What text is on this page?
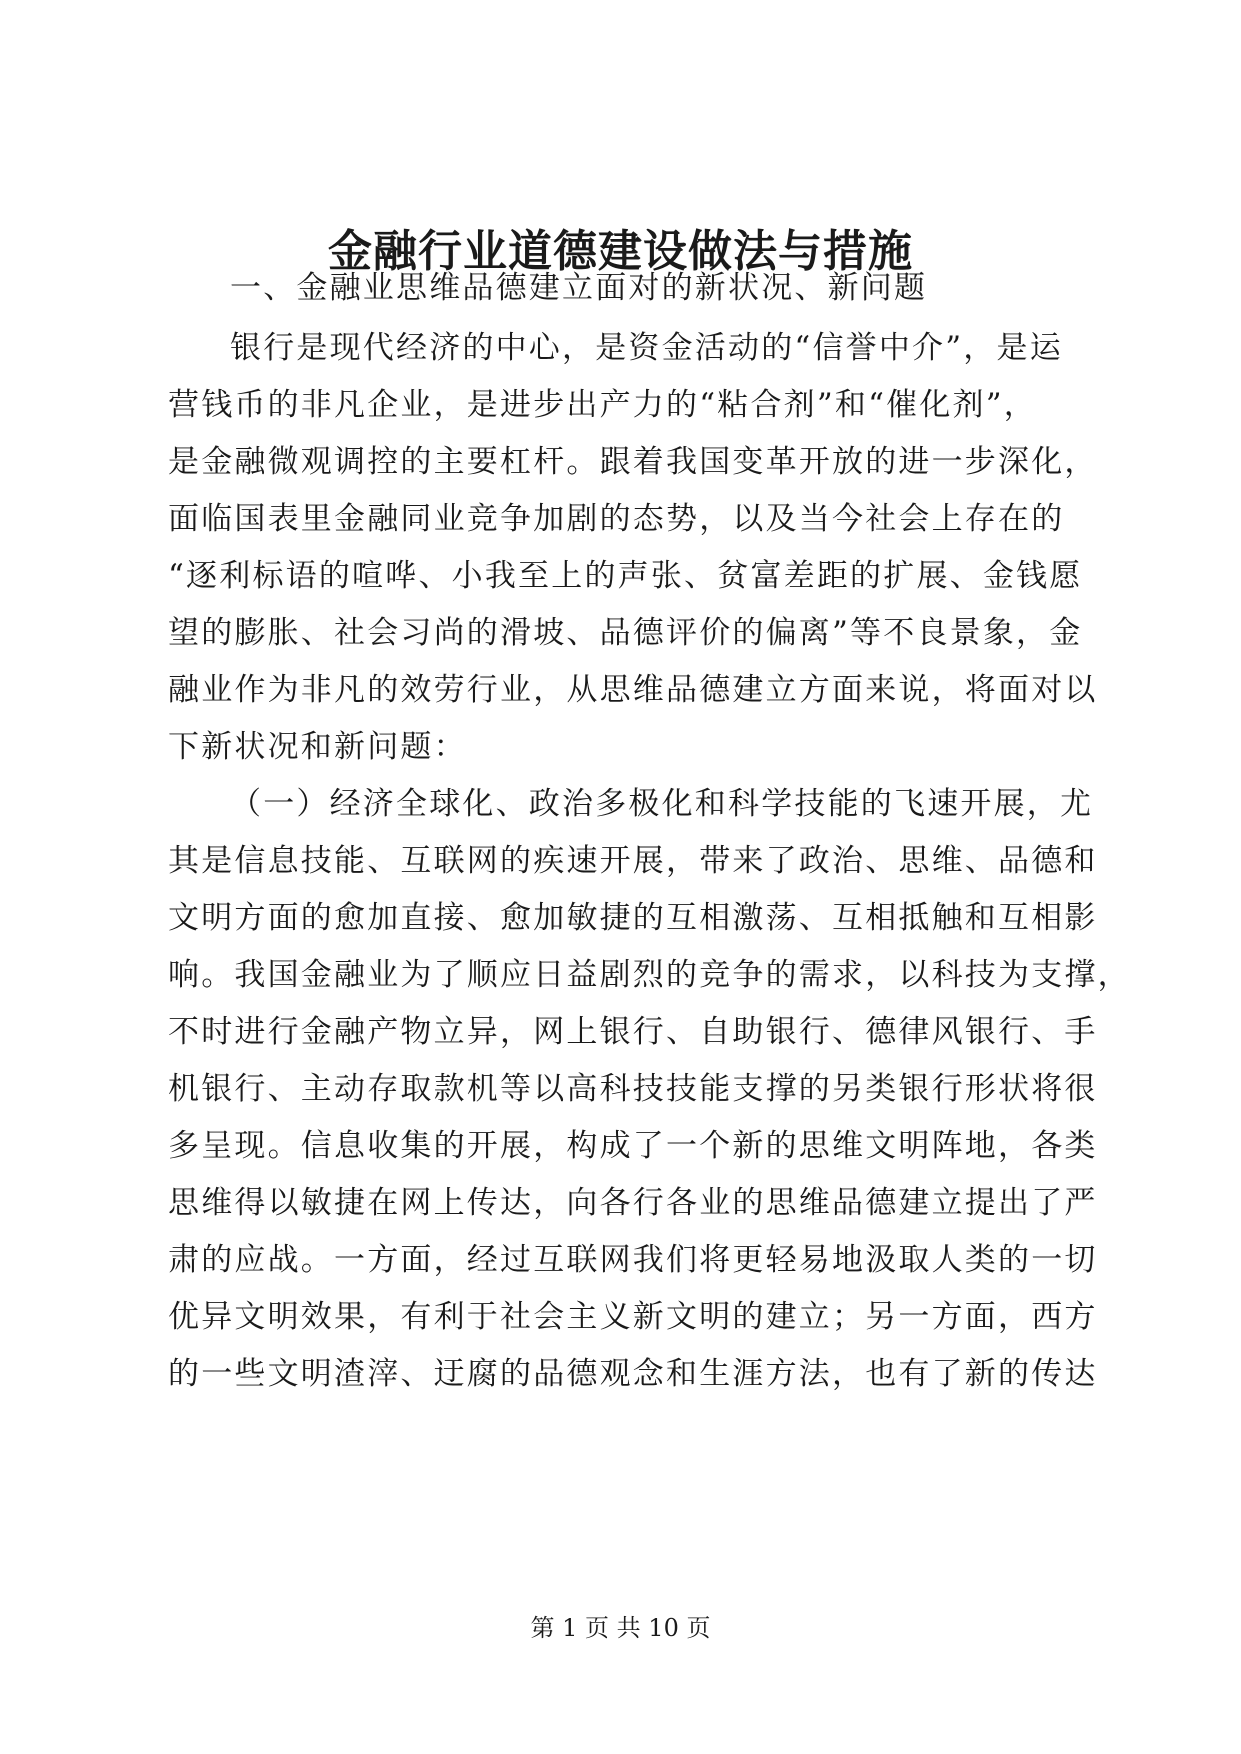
金融行业道德建设做法与措施

一、金融业思维品德建立面对的新状况、新问题

银行是现代经济的中心，是资金活动的“信誉中介”，是运

营钱币的非凡企业，是进步出产力的“粘合剂”和“催化剂”，

是金融微观调控的主要杠杆。跟着我国变革开放的进一步深化，

面临国表里金融同业竞争加剧的态势，以及当今社会上存在的

“逐利标语的喧哗、小我至上的声张、贫富差距的扩展、金钱愿

望的膨胀、社会习尚的滑坡、品德评价的偏离”等不良景象，金

融业作为非凡的效劳行业，从思维品德建立方面来说，将面对以

下新状况和新问题：

（一）经济全球化、政治多极化和科学技能的飞速开展，尤

其是信息技能、互联网的疾速开展，带来了政治、思维、品德和

文明方面的愈加直接、愈加敏捷的互相激荡、互相抵触和互相影

响。我国金融业为了顺应日益剧烈的竞争的需求，以科技为支撑，

不时进行金融产物立异，网上银行、自助银行、德律风银行、手

机银行、主动存取款机等以高科技技能支撑的另类银行形状将很

多呈现。信息收集的开展，构成了一个新的思维文明阵地，各类

思维得以敏捷在网上传达，向各行各业的思维品德建立提出了严

肃的应战。一方面，经过互联网我们将更轻易地汲取人类的一切

优异文明效果，有利于社会主义新文明的建立；另一方面，西方

的一些文明渣滓、迂腐的品德观念和生涯方法，也有了新的传达

第 1 页 共 10 页
